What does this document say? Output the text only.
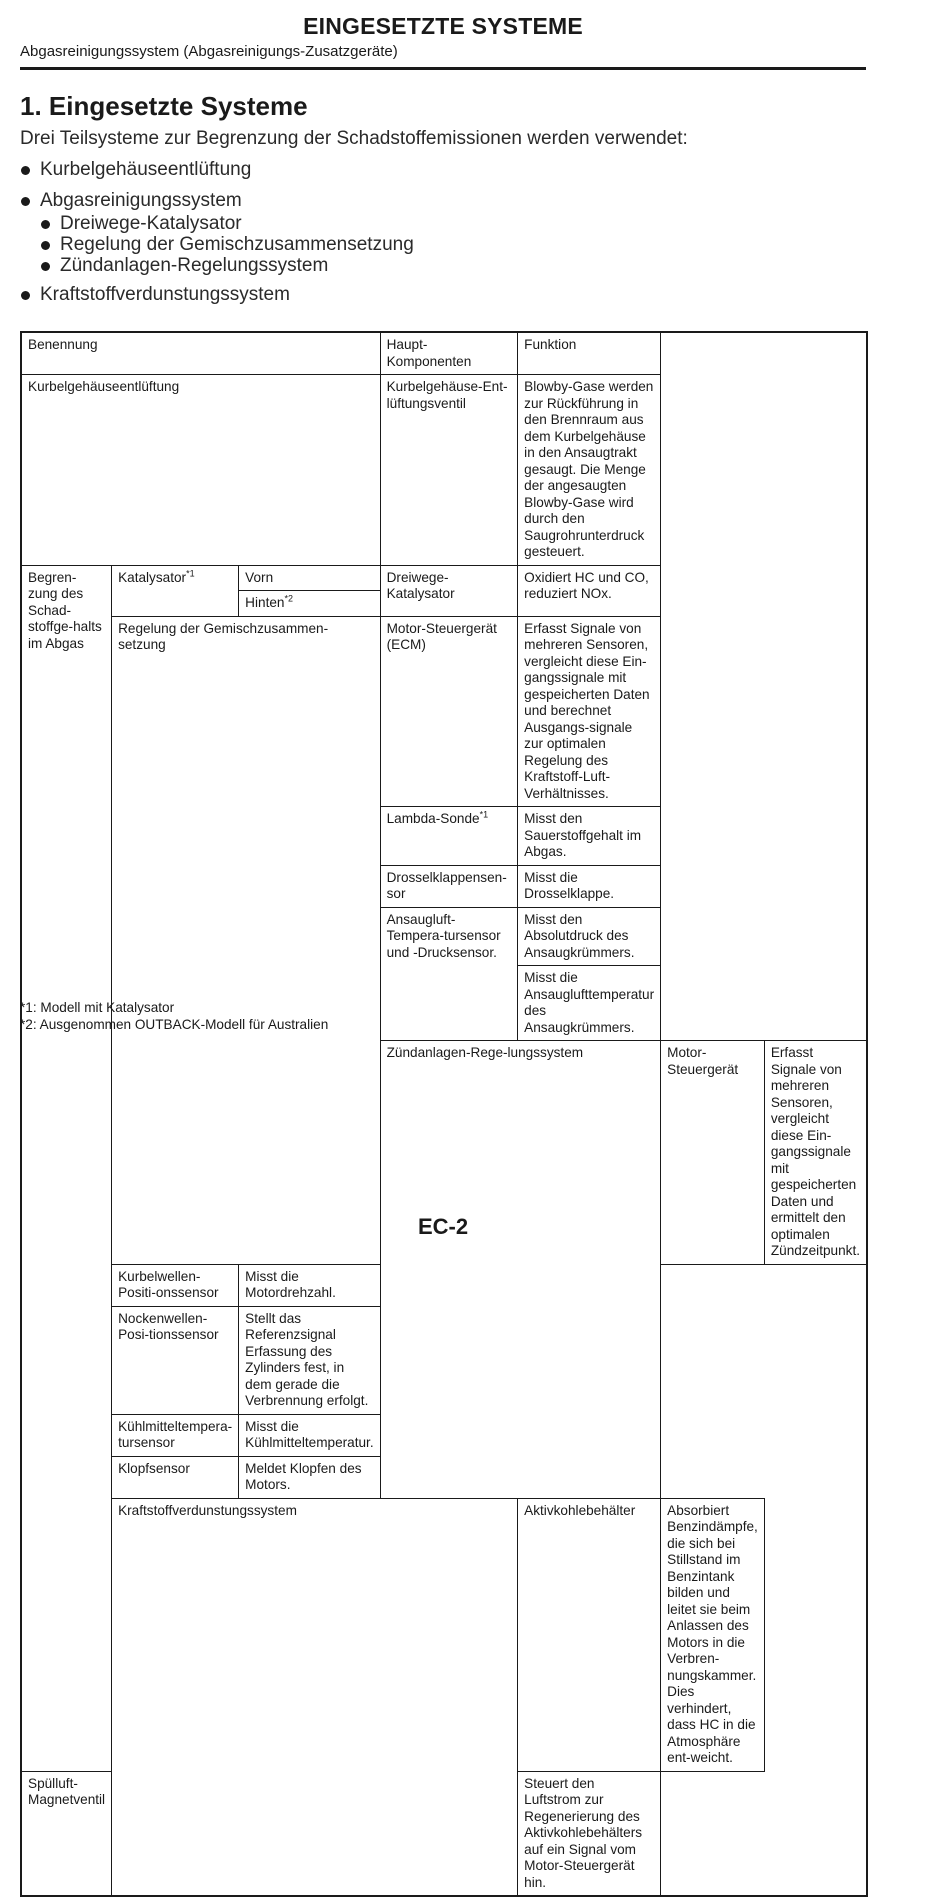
EINGESETZTE SYSTEME
Abgasreinigungssystem (Abgasreinigungs-Zusatzgeräte)
1. Eingesetzte Systeme
Drei Teilsysteme zur Begrenzung der Schadstoffemissionen werden verwendet:
Kurbelgehäuseentlüftung
Abgasreinigungssystem
Dreiwege-Katalysator
Regelung der Gemischzusammensetzung
Zündanlagen-Regelungssystem
Kraftstoffverdunstungssystem
Benennung			Haupt-Komponenten	Funktion		
Kurbelgehäuseentlüftung			Kurbelgehäuse-Ent-lüftungsventil	Blowby-Gase werden zur Rückführung in den Brennraum aus dem Kurbelgehäuse in den Ansaugtrakt gesaugt. Die Menge der angesaugten Blowby-Gase wird durch den Saugrohrunterdruck gesteuert.		
Begren-zung des Schad-stoffge-halts im Abgas	Katalysator$^{*1}$	Vorn	Dreiwege-Katalysator	Oxidiert HC und CO, reduziert NOx.		
		Hinten$^{*2}$
	Regelung der Gemischzusammen-setzung		Motor-Steuergerät (ECM)	Erfasst Signale von mehreren Sensoren, vergleicht diese Ein-gangssignale mit gespeicherten Daten und berechnet Ausgangs-signale zur optimalen Regelung des Kraftstoff-Luft-Verhältnisses.		
			Lambda-Sonde$^{*1}$	Misst den Sauerstoffgehalt im Abgas.		
			Drosselklappensen-sor	Misst die Drosselklappe.		
			Ansaugluft-Tempera-tursensor und -Drucksensor.	Misst den Absolutdruck des Ansaugkrümmers.		
				Misst die Ansauglufttemperatur des Ansaugkrümmers.		
			Zündanlagen-Rege-lungssystem		Motor-Steuergerät	Erfasst Signale von mehreren Sensoren, vergleicht diese Ein-gangssignale mit gespeicherten Daten und ermittelt den optimalen Zündzeitpunkt.
	Kurbelwellen-Positi-onssensor	Misst die Motordrehzahl.				
	Nockenwellen-Posi-tionssensor	Stellt das Referenzsignal Erfassung des Zylinders fest, in dem gerade die Verbrennung erfolgt.				
	Kühlmitteltempera-tursensor	Misst die Kühlmitteltemperatur.				
	Klopfsensor	Meldet Klopfen des Motors.				
	Kraftstoffverdunstungssystem			Aktivkohlebehälter	Absorbiert Benzindämpfe, die sich bei Stillstand im Benzintank bilden und leitet sie beim Anlassen des Motors in die Verbren-nungskammer. Dies verhindert, dass HC in die Atmosphäre ent-weicht.	
Spülluft-Magnetventil				Steuert den Luftstrom zur Regenerierung des Aktivkohlebehälters auf ein Signal vom Motor-Steuergerät hin.		
*1: Modell mit Katalysator
*2: Ausgenommen OUTBACK-Modell für Australien
EC-2
